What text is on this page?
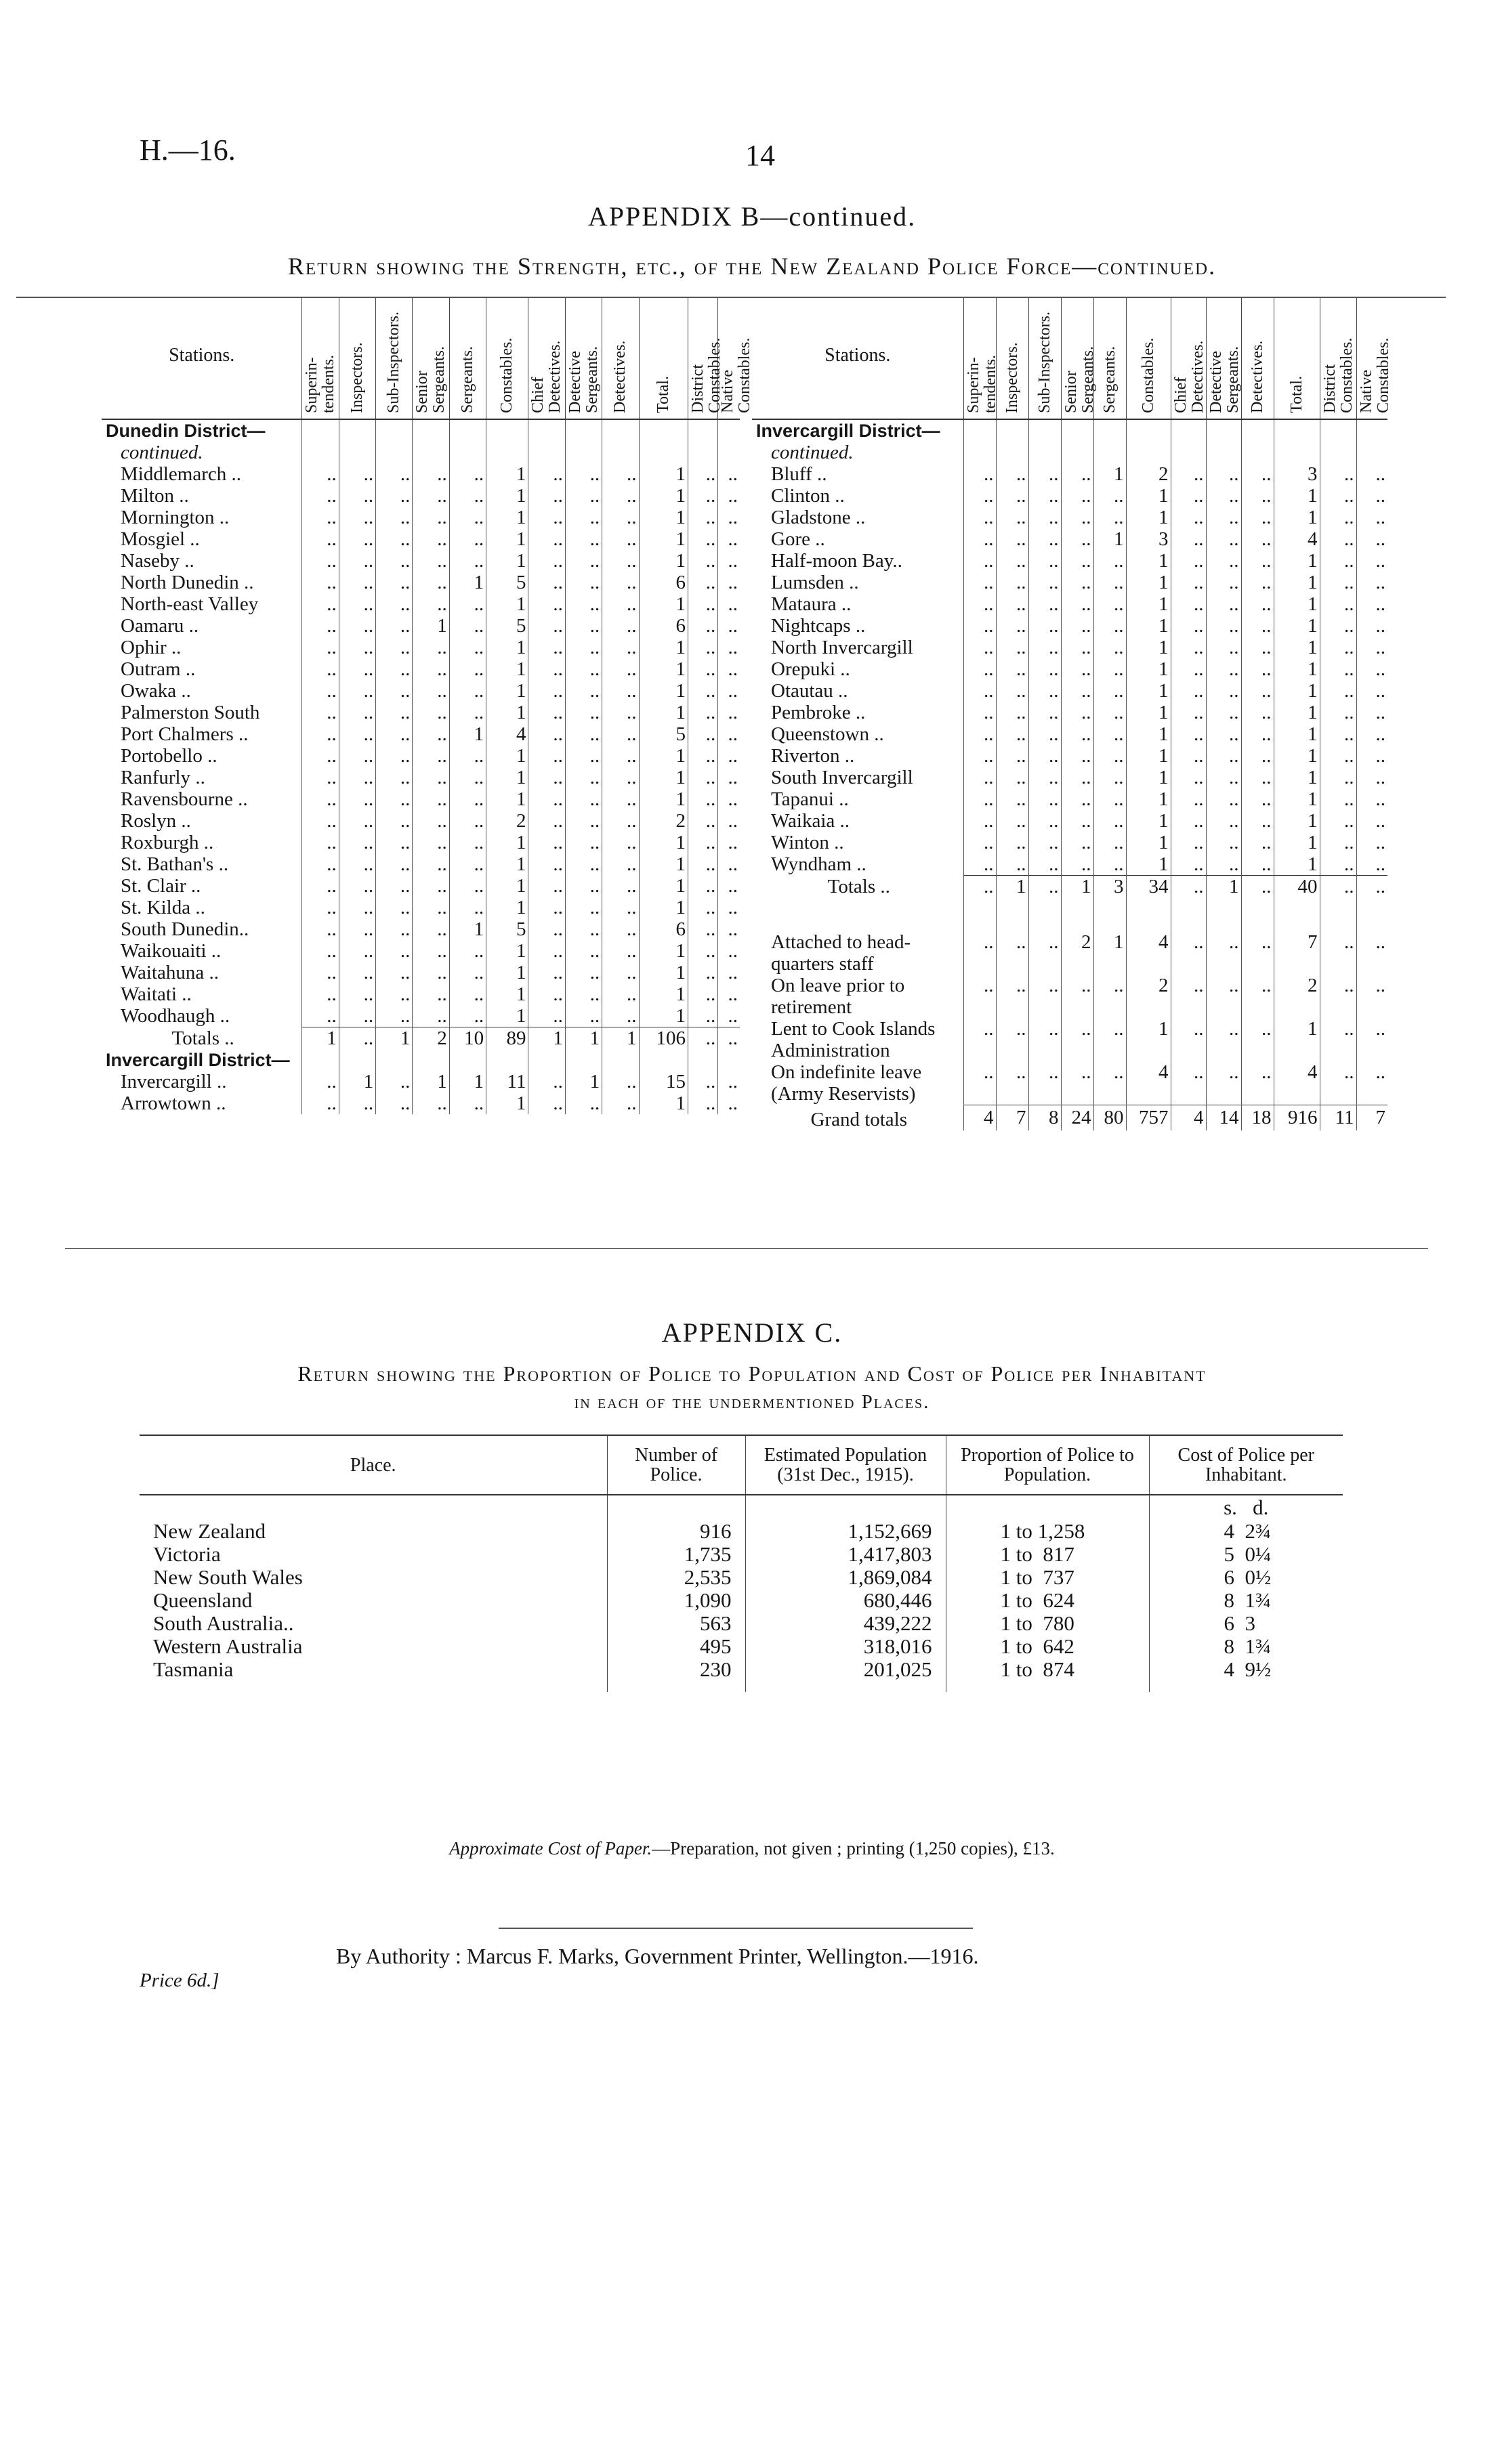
H.—16.	14
APPENDIX B—continued.
Return showing the Strength, etc., of the New Zealand Police Force—continued.
Stations.	Superin-tendents.	Inspectors.	Sub-Inspectors.	Senior Sergeants.	Sergeants.	Constables.	Chief Detectives.	Detective Sergeants.	Detectives.	Total.	District Constables.	Native Constables.

Dunedin District—												
continued.												
Middlemarch ..	..	..	..	..	..	1	..	..	..	1	..	..
Milton ..	..	..	..	..	..	1	..	..	..	1	..	..
Mornington ..	..	..	..	..	..	1	..	..	..	1	..	..
Mosgiel ..	..	..	..	..	..	1	..	..	..	1	..	..
Naseby ..	..	..	..	..	..	1	..	..	..	1	..	..
North Dunedin ..	..	..	..	..	1	5	..	..	..	6	..	..
North-east Valley	..	..	..	..	..	1	..	..	..	1	..	..
Oamaru ..	..	..	..	1	..	5	..	..	..	6	..	..
Ophir ..	..	..	..	..	..	1	..	..	..	1	..	..
Outram ..	..	..	..	..	..	1	..	..	..	1	..	..
Owaka ..	..	..	..	..	..	1	..	..	..	1	..	..
Palmerston South	..	..	..	..	..	1	..	..	..	1	..	..
Port Chalmers ..	..	..	..	..	1	4	..	..	..	5	..	..
Portobello ..	..	..	..	..	..	1	..	..	..	1	..	..
Ranfurly ..	..	..	..	..	..	1	..	..	..	1	..	..
Ravensbourne ..	..	..	..	..	..	1	..	..	..	1	..	..
Roslyn ..	..	..	..	..	..	2	..	..	..	2	..	..
Roxburgh ..	..	..	..	..	..	1	..	..	..	1	..	..
St. Bathan's ..	..	..	..	..	..	1	..	..	..	1	..	..
St. Clair ..	..	..	..	..	..	1	..	..	..	1	..	..
St. Kilda ..	..	..	..	..	..	1	..	..	..	1	..	..
South Dunedin..	..	..	..	..	1	5	..	..	..	6	..	..
Waikouaiti ..	..	..	..	..	..	1	..	..	..	1	..	..
Waitahuna ..	..	..	..	..	..	1	..	..	..	1	..	..
Waitati ..	..	..	..	..	..	1	..	..	..	1	..	..
Woodhaugh ..	..	..	..	..	..	1	..	..	..	1	..	..
Totals ..	1	..	1	2	10	89	1	1	1	106	..	..
Invercargill District—												
Invercargill ..	..	1	..	1	1	11	..	1	..	15	..	..
Arrowtown ..	..	..	..	..	..	1	..	..	..	1	..	..
Stations.	Superin-tendents.	Inspectors.	Sub-Inspectors.	Senior Sergeants.	Sergeants.	Constables.	Chief Detectives.	Detective Sergeants.	Detectives.	Total.	District Constables.	Native Constables.

Invercargill District—												
continued.												
Bluff ..	..	..	..	..	1	2	..	..	..	3	..	..
Clinton ..	..	..	..	..	..	1	..	..	..	1	..	..
Gladstone ..	..	..	..	..	..	1	..	..	..	1	..	..
Gore ..	..	..	..	..	1	3	..	..	..	4	..	..
Half-moon Bay..	..	..	..	..	..	1	..	..	..	1	..	..
Lumsden ..	..	..	..	..	..	1	..	..	..	1	..	..
Mataura ..	..	..	..	..	..	1	..	..	..	1	..	..
Nightcaps ..	..	..	..	..	..	1	..	..	..	1	..	..
North Invercargill	..	..	..	..	..	1	..	..	..	1	..	..
Orepuki ..	..	..	..	..	..	1	..	..	..	1	..	..
Otautau ..	..	..	..	..	..	1	..	..	..	1	..	..
Pembroke ..	..	..	..	..	..	1	..	..	..	1	..	..
Queenstown ..	..	..	..	..	..	1	..	..	..	1	..	..
Riverton ..	..	..	..	..	..	1	..	..	..	1	..	..
South Invercargill	..	..	..	..	..	1	..	..	..	1	..	..
Tapanui ..	..	..	..	..	..	1	..	..	..	1	..	..
Waikaia ..	..	..	..	..	..	1	..	..	..	1	..	..
Winton ..	..	..	..	..	..	1	..	..	..	1	..	..
Wyndham ..	..	..	..	..	..	1	..	..	..	1	..	..
Totals ..	..	1	..	1	3	34	..	1	..	40	..	..

Attached to head-	..	..	..	2	1	4	..	..	..	7	..	..
quarters staff												
On leave prior to	..	..	..	..	..	2	..	..	..	2	..	..
retirement												
Lent to Cook Islands	..	..	..	..	..	1	..	..	..	1	..	..
Administration												
On indefinite leave	..	..	..	..	..	4	..	..	..	4	..	..
(Army Reservists)												
Grand totals	4	7	8	24	80	757	4	14	18	916	11	7
APPENDIX C.
Return showing the Proportion of Police to Population and Cost of Police per Inhabitant
in each of the undermentioned Places.
Place.	Number of Police.	Estimated Population (31st Dec., 1915).	Proportion of Police to Population.	Cost of Police per Inhabitant.
				s.   d.
New Zealand	916	1,152,669	1 to 1,258	4  2¾
Victoria	1,735	1,417,803	1 to  817	5  0¼
New South Wales	2,535	1,869,084	1 to  737	6  0½
Queensland	1,090	680,446	1 to  624	8  1¾
South Australia..	563	439,222	1 to  780	6  3
Western Australia	495	318,016	1 to  642	8  1¾
Tasmania	230	201,025	1 to  874	4  9½
Approximate Cost of Paper.—Preparation, not given ; printing (1,250 copies), £13.
By Authority : Marcus F. Marks, Government Printer, Wellington.—1916.
Price 6d.]
